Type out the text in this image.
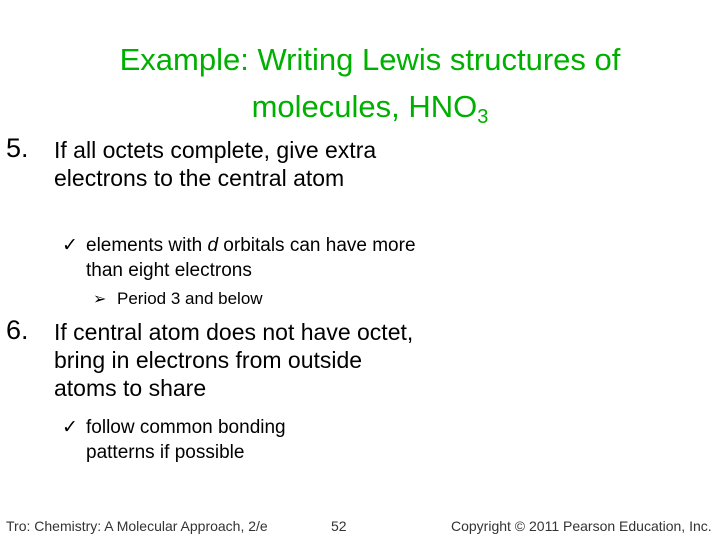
Example: Writing Lewis structures of
molecules, $HNO_3$
5. If all octets complete, give extra electrons to the central atom
✓ elements with d orbitals can have more than eight electrons
➢ Period 3 and below
6. If central atom does not have octet, bring in electrons from outside atoms to share
✓ follow common bonding patterns if possible
Tro: Chemistry: A Molecular Approach, 2/e	52	Copyright © 2011 Pearson Education, Inc.
